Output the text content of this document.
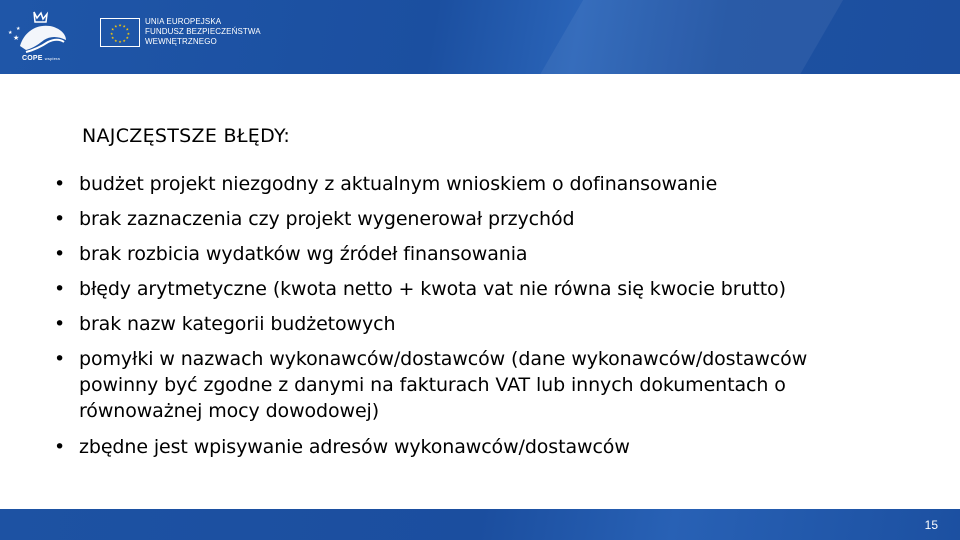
★
★
★
COPE wspiera
★ ★
★
★
★
★
★
★
★
★
★
★
UNIA EUROPEJSKA
FUNDUSZ BEZPIECZEŃSTWA
WEWNĘTRZNEGO
NAJCZĘSTSZE BŁĘDY:
• budżet projekt niezgodny z aktualnym wnioskiem o dofinansowanie
• brak zaznaczenia czy projekt wygenerował przychód
• brak rozbicia wydatków wg źródeł finansowania
• błędy arytmetyczne (kwota netto + kwota vat nie równa się kwocie brutto)
• brak nazw kategorii budżetowych
• pomyłki w nazwach wykonawców/dostawców (dane wykonawców/dostawców powinny być zgodne z danymi na fakturach VAT lub innych dokumentach o równoważnej mocy dowodowej)
• zbędne jest wpisywanie adresów wykonawców/dostawców
15
